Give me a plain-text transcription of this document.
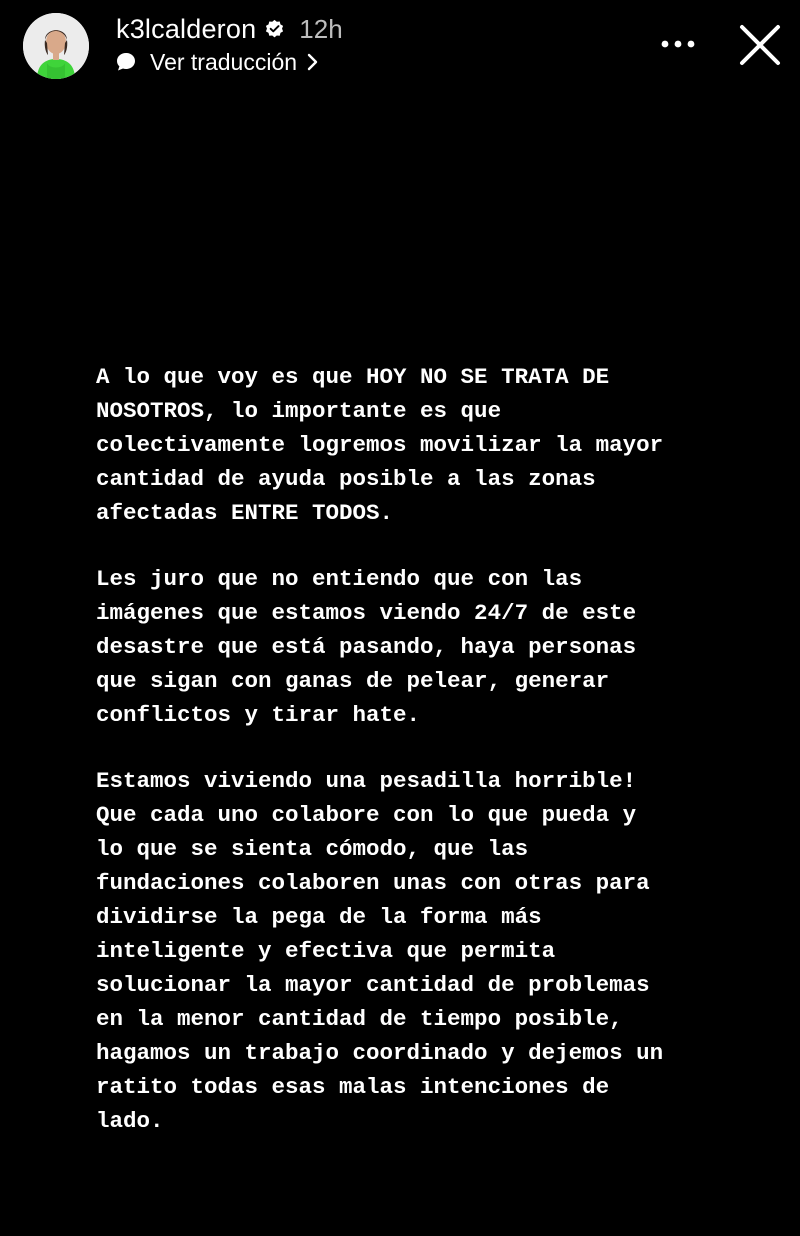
k3lcalderon 12h
Ver traducción

A lo que voy es que HOY NO SE TRATA DE
NOSOTROS, lo importante es que
colectivamente logremos movilizar la mayor
cantidad de ayuda posible a las zonas
afectadas ENTRE TODOS.

Les juro que no entiendo que con las
imágenes que estamos viendo 24/7 de este
desastre que está pasando, haya personas
que sigan con ganas de pelear, generar
conflictos y tirar hate.

Estamos viviendo una pesadilla horrible!
Que cada uno colabore con lo que pueda y
lo que se sienta cómodo, que las
fundaciones colaboren unas con otras para
dividirse la pega de la forma más
inteligente y efectiva que permita
solucionar la mayor cantidad de problemas
en la menor cantidad de tiempo posible,
hagamos un trabajo coordinado y dejemos un
ratito todas esas malas intenciones de
lado.
